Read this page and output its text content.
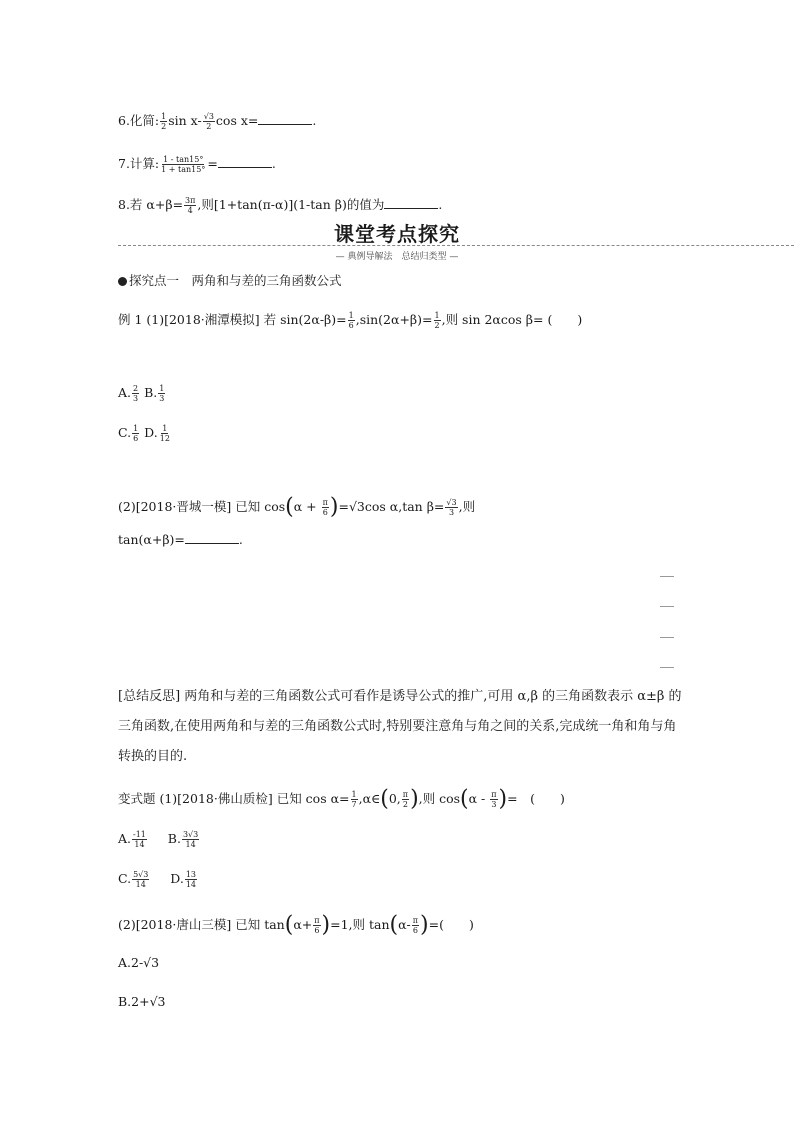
6.化简: $\frac{1}{2}$ $\sin x- \frac{√3}{2}$ cos x=	.
7.计算: $\frac{1 - \tan 15^\circ}{1 + \tan 15^\circ}$ =	.
8.若 $\alpha+\beta= \frac{3\pi}{4}$ ,则[1+tan(π-α)](1-tan β)的值为	.
课堂考点探究
— 典例导解法　总结归类型 —
探究点一　两角和与差的三角函数公式
例 1 (1)[2018·湘潭模拟] 若 $\sin(2\alpha-\beta)= \frac{1}{6} ,\sin(2\alpha+\beta)= \frac{1}{2}$ ,则 sin 2αcos β= (　　)
A. $\frac{2}{3} B$. $\frac{1}{3}$
C. $\frac{1}{6} D$. $\frac{1}{12}$
(2)[2018·晋城一模] 已知 $\cos(\alpha + \frac{\pi}{6} )=√3\cos$ α,tan $\beta= \frac{√3}{3}$ ,则
tan(α+β)=	.
[总结反思] 两角和与差的三角函数公式可看作是诱导公式的推广,可用 α,β 的三角函数表示 α±β 的三角函数,在使用两角和与差的三角函数公式时,特别要注意角与角之间的关系,完成统一角和角与角转换的目的.
变式题 (1)[2018·佛山质检] 已知 $\cos \alpha= \frac{1}{7}$ ,α∈(0, $\frac{\pi}{2}$ ),则 $\cos(\alpha - \frac{\pi}{3}$ )=　(　　)
A. $\frac{-11}{14} B$. $\frac{3√3}{14}$
C. $\frac{5√3}{14} D$. $\frac{13}{14}$
(2)[2018·唐山三模] 已知 $\tan(\alpha+ \frac{\pi}{6} )=1$,则 $\tan(\alpha- \frac{\pi}{6}$ )=(　　)
A.2-√3
B.2+√3
